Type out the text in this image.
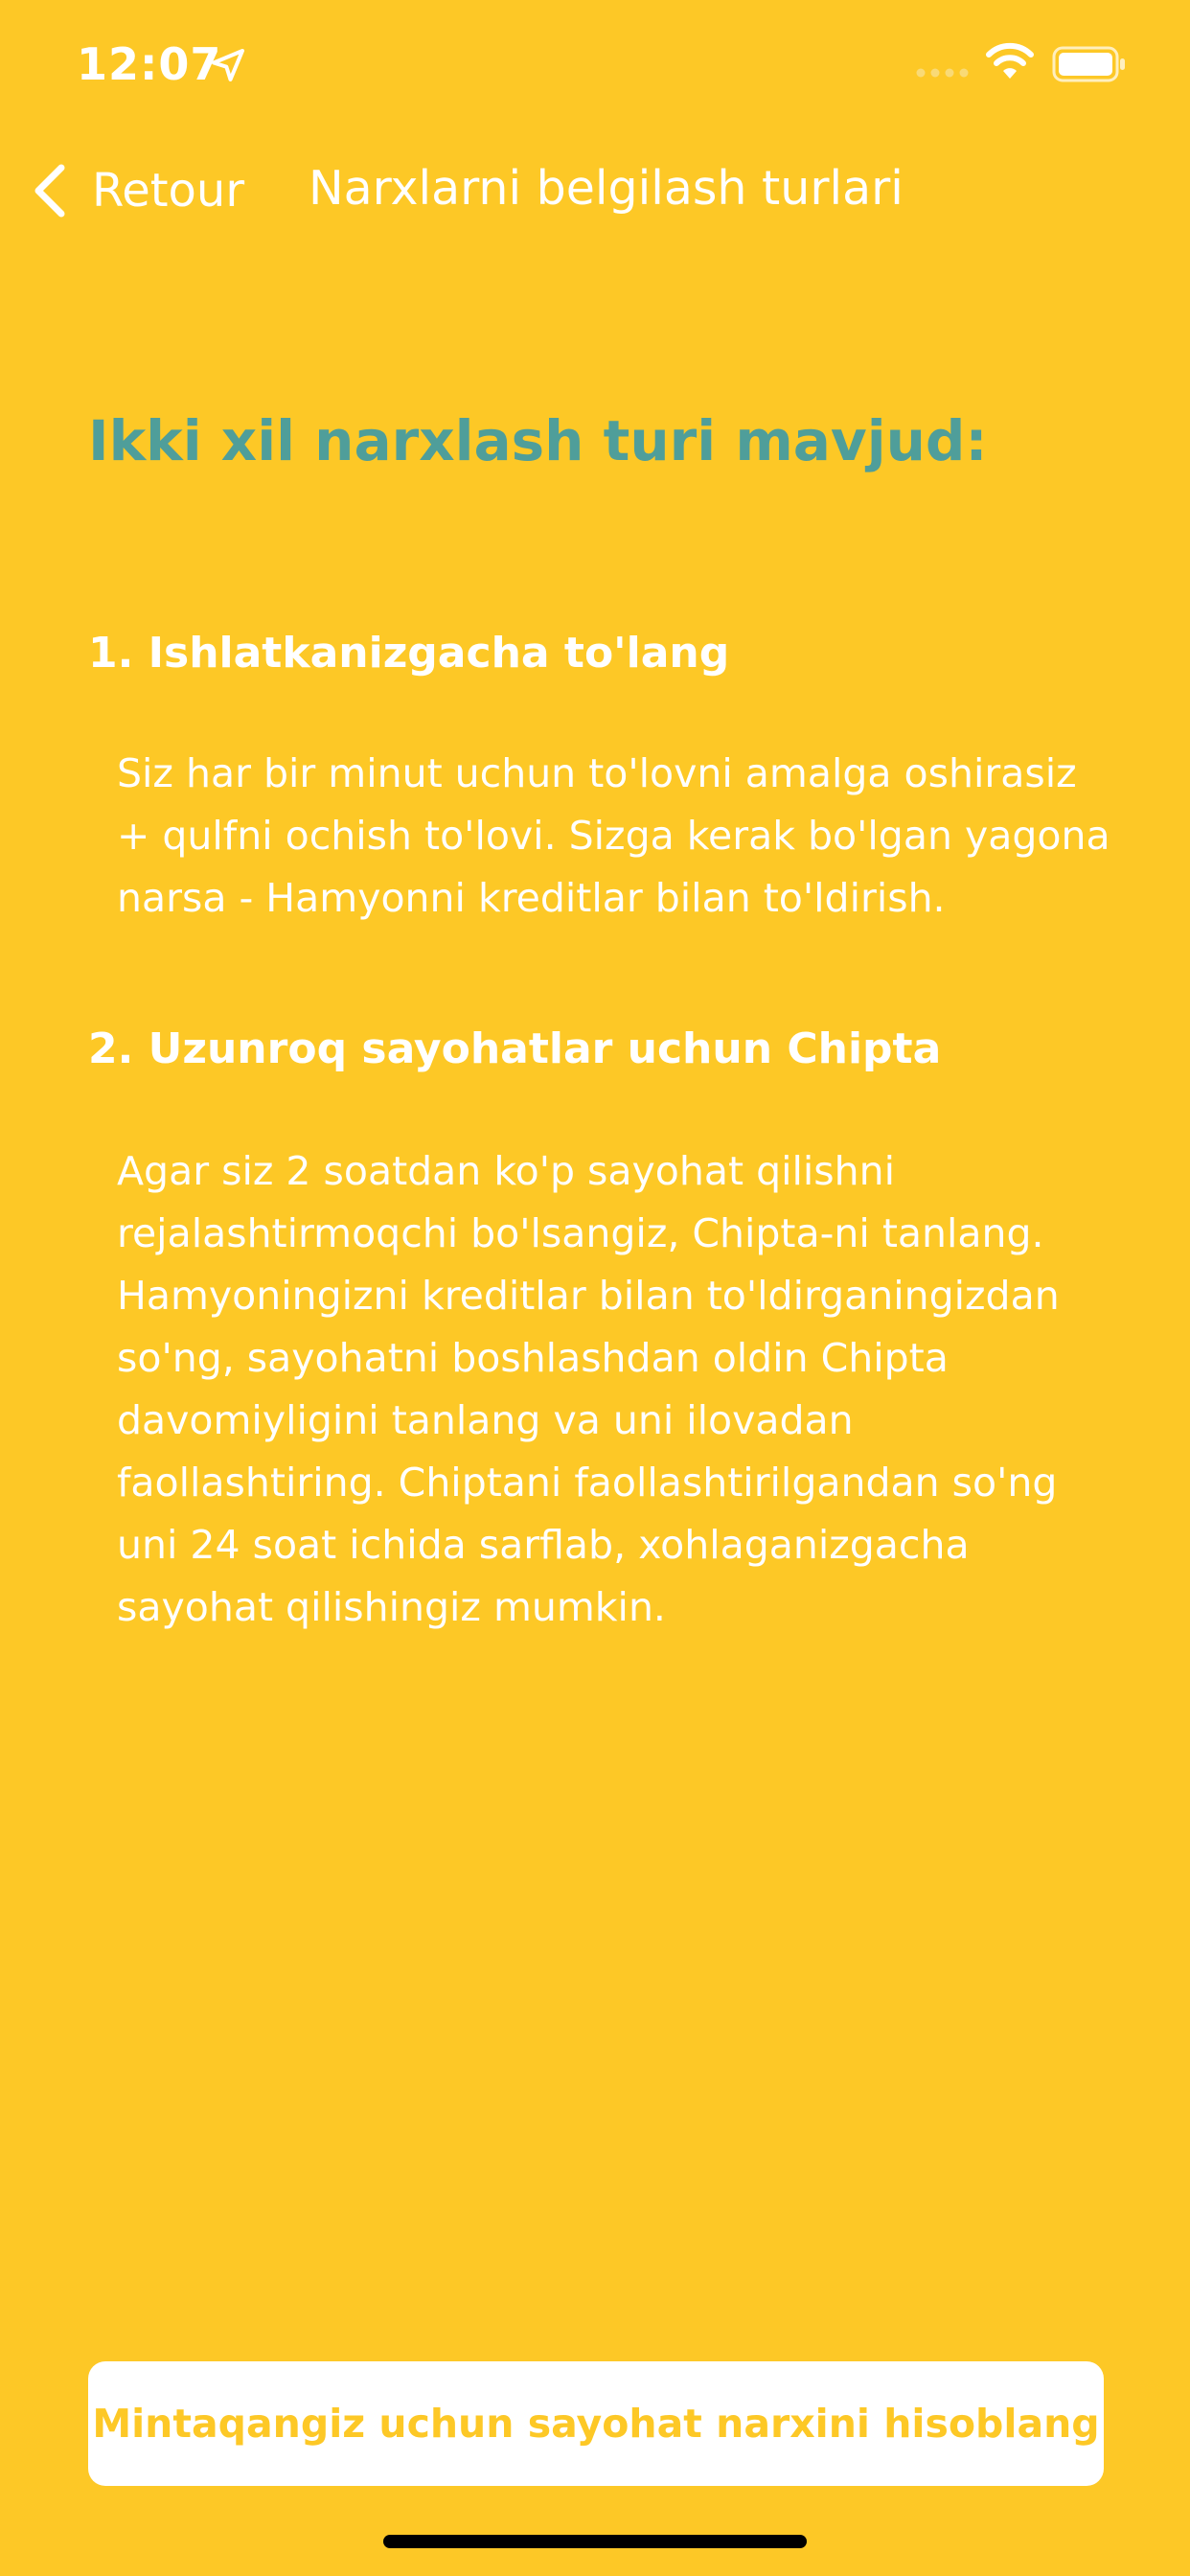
12:07
Retour Narxlarni belgilash turlari
Ikki xil narxlash turi mavjud:
1. Ishlatkanizgacha to'lang

Siz har bir minut uchun to'lovni amalga oshirasiz + qulfni ochish to'lovi. Sizga kerak bo'lgan yagona narsa - Hamyonni kreditlar bilan to'ldirish.

2. Uzunroq sayohatlar uchun Chipta

Agar siz 2 soatdan ko'p sayohat qilishni rejalashtirmoqchi bo'lsangiz, Chipta-ni tanlang. Hamyoningizni kreditlar bilan to'ldirganingizdan so'ng, sayohatni boshlashdan oldin Chipta davomiyligini tanlang va uni ilovadan faollashtiring. Chiptani faollashtirilgandan so'ng uni 24 soat ichida sarflab, xohlaganizgacha sayohat qilishingiz mumkin.

Mintaqangiz uchun sayohat narxini hisoblang
